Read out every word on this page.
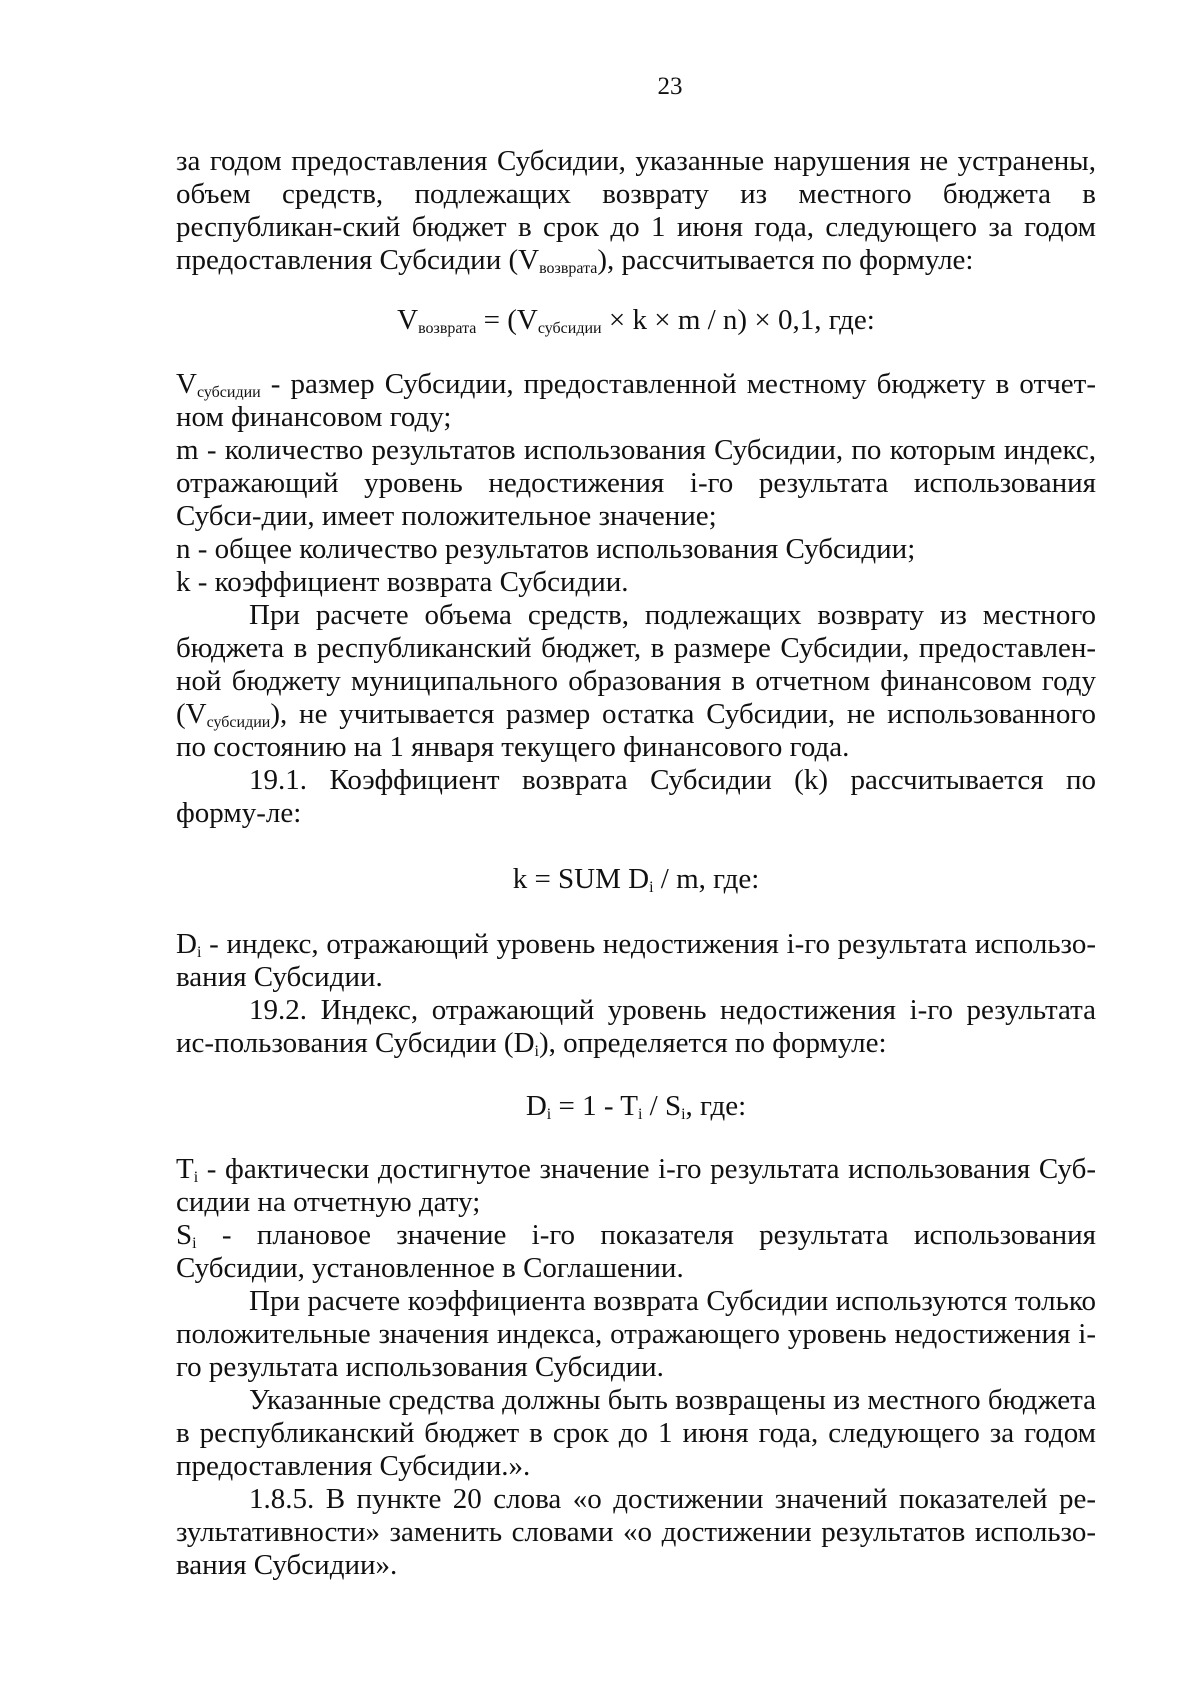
23

за годом предоставления Субсидии, указанные нарушения не устранены, объем средств, подлежащих возврату из местного бюджета в республикан-ский бюджет в срок до 1 июня года, следующего за годом предоставления Субсидии $(V_{возврата})$, рассчитывается по формуле:

$V_{возврата} = (V_{субсидии} \times k \times m / n) \times 0,1$, где:

$V_{субсидии}$ - размер Субсидии, предоставленной местному бюджету в отчет-ном финансовом году;

m - количество результатов использования Субсидии, по которым индекс, отражающий уровень недостижения i-го результата использования Субси-дии, имеет положительное значение;

n - общее количество результатов использования Субсидии;

k - коэффициент возврата Субсидии.

При расчете объема средств, подлежащих возврату из местного бюджета в республиканский бюджет, в размере Субсидии, предоставлен-ной бюджету муниципального образования в отчетном финансовом году $(V_{субсидии})$, не учитывается размер остатка Субсидии, не использованного по состоянию на 1 января текущего финансового года.

19.1. Коэффициент возврата Субсидии (k) рассчитывается по форму-ле:

k = SUM $D_i$ / m, где:

$D_i$ - индекс, отражающий уровень недостижения i-го результата использо-вания Субсидии.

19.2. Индекс, отражающий уровень недостижения i-го результата ис-пользования Субсидии $(D_i)$, определяется по формуле:

$D_i = 1 - T_i / S_i$, где:

$T_i$ - фактически достигнутое значение i-го результата использования Суб-сидии на отчетную дату;

$S_i$ - плановое значение i-го показателя результата использования Субсидии, установленное в Соглашении.

При расчете коэффициента возврата Субсидии используются только положительные значения индекса, отражающего уровень недостижения i-го результата использования Субсидии.

Указанные средства должны быть возвращены из местного бюджета в республиканский бюджет в срок до 1 июня года, следующего за годом предоставления Субсидии.».

1.8.5. В пункте 20 слова «о достижении значений показателей ре-зультативности» заменить словами «о достижении результатов использо-вания Субсидии».
